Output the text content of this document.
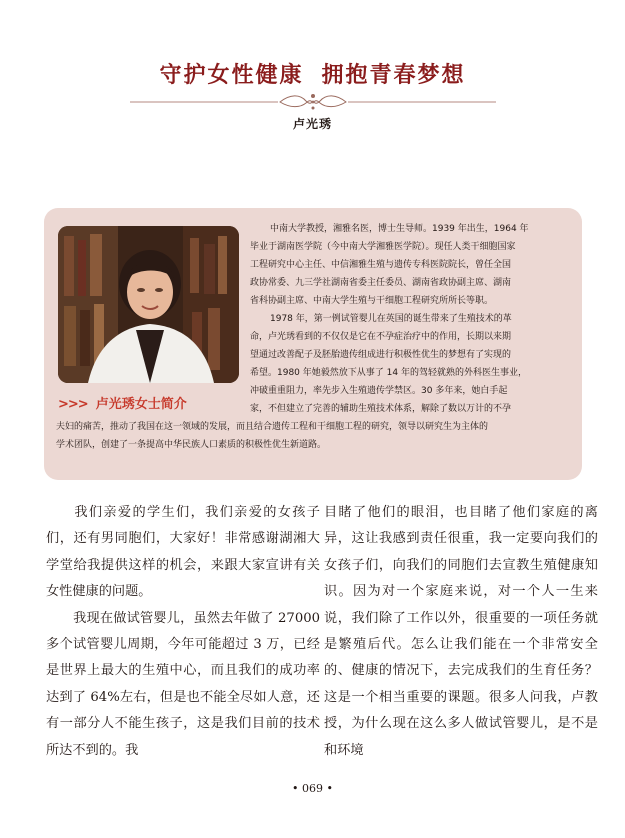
守护女性健康 拥抱青春梦想
卢光琇
>>> 卢光琇女士简介
中南大学教授，湘雅名医，博士生导师。1939 年出生，1964 年
毕业于湖南医学院（今中南大学湘雅医学院）。现任人类干细胞国家
工程研究中心主任、中信湘雅生殖与遗传专科医院院长，曾任全国
政协常委、九三学社湖南省委主任委员、湖南省政协副主席、湖南
省科协副主席、中南大学生殖与干细胞工程研究所所长等职。
1978 年，第一例试管婴儿在英国的诞生带来了生殖技术的革
命，卢光琇看到的不仅仅是它在不孕症治疗中的作用，长期以来期
望通过改善配子及胚胎遗传组成进行积极性优生的梦想有了实现的
希望。1980 年她毅然放下从事了 14 年的驾轻就熟的外科医生事业，
冲破重重阻力，率先步入生殖遗传学禁区。30 多年来，她白手起
家，不但建立了完善的辅助生殖技术体系，解除了数以万计的不孕
夫妇的痛苦，推动了我国在这一领域的发展，而且结合遗传工程和干细胞工程的研究，领导以研究生为主体的
学术团队，创建了一条提高中华民族人口素质的积极性优生新道路。

我们亲爱的学生们，我们亲爱的女孩子们，还有男同胞们，大家好！非常感谢湖湘大学堂给我提供这样的机会，来跟大家宣讲有关女性健康的问题。

我现在做试管婴儿，虽然去年做了 27000 多个试管婴儿周期，今年可能超过 3 万，已经是世界上最大的生殖中心，而且我们的成功率达到了 64%左右，但是也不能全尽如人意，还有一部分人不能生孩子，这是我们目前的技术所达不到的。我

目睹了他们的眼泪，也目睹了他们家庭的离异，这让我感到责任很重，我一定要向我们的女孩子们，向我们的同胞们去宣教生殖健康知识。因为对一个家庭来说，对一个人一生来说，我们除了工作以外，很重要的一项任务就是繁殖后代。怎么让我们能在一个非常安全的、健康的情况下，去完成我们的生育任务？这是一个相当重要的课题。很多人问我，卢教授，为什么现在这么多人做试管婴儿，是不是和环境

• 069 •
